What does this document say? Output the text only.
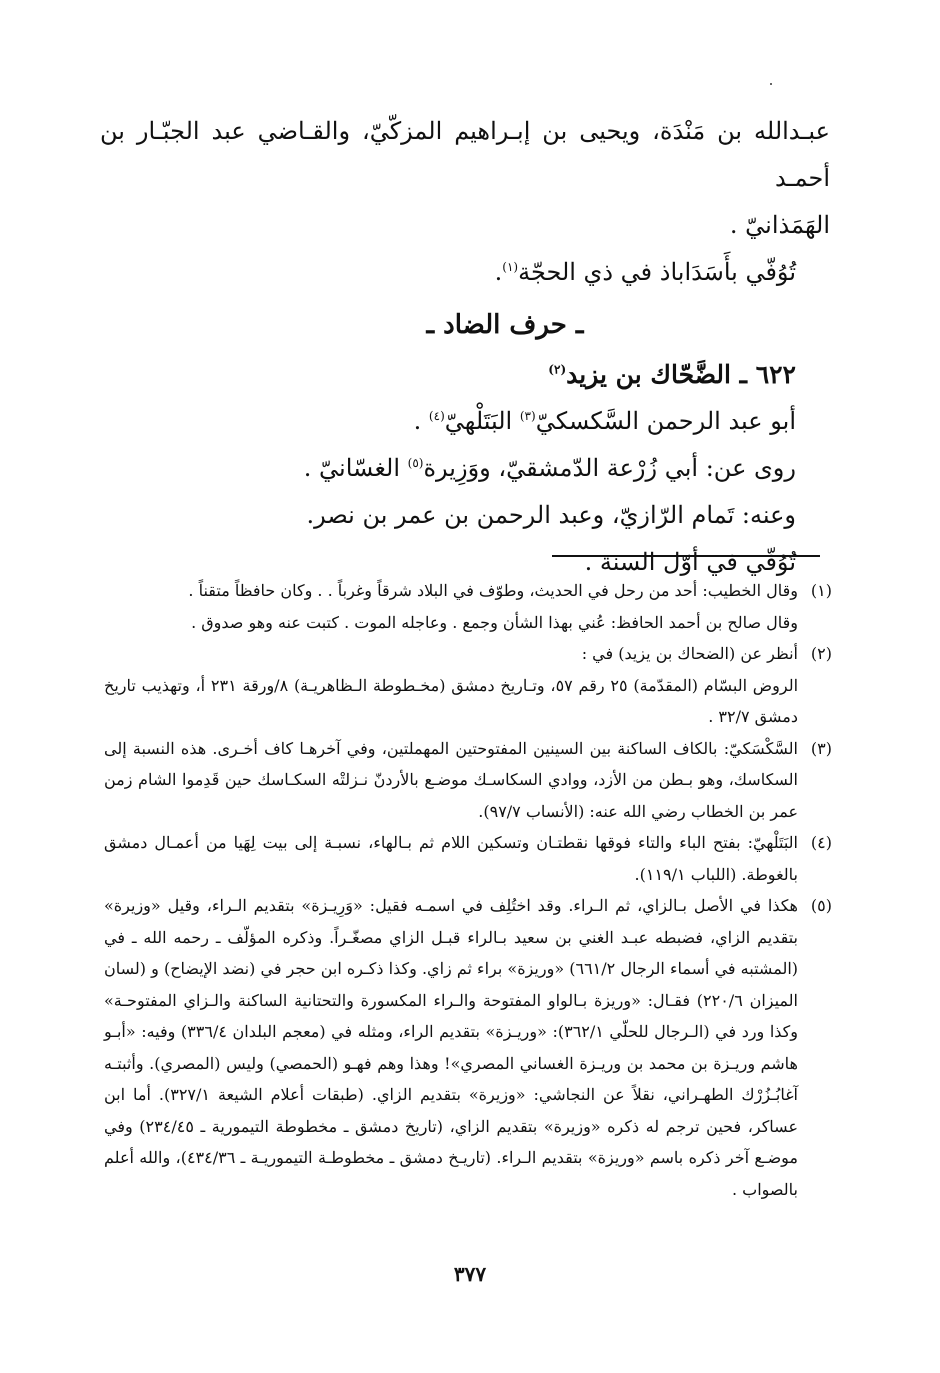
عبـدالله بن مَنْدَة، ويحيى بن إبـراهيم المزكّيّ، والقـاضي عبد الجبّـار بن أحمـد

الهَمَذانيّ .

تُوُفّي بأَسَدَاباذ في ذي الحجّة$^{(١)}$.

ـ حرف الضاد ـ

٦٢٢ ـ الضَّحّاك بن يزيد$^{(٢)}$

أبو عبد الرحمن السَّكسكيّ$^{(٣)}$ البَتَلْهيّ$^{(٤)}$ .

روى عن: أبي زُرْعة الدّمشقيّ، ووَزِيرة$^{(٥)}$ الغسّانيّ .

وعنه: تَمام الرّازيّ، وعبد الرحمن بن عمر بن نصر.

تُوُفّي في أوّل السنة .

(١)

وقال الخطيب: أحد من رحل في الحديث، وطوّف في البلاد شرقاً وغرباً . . وكان حافظاً متقناً .

وقال صالح بن أحمد الحافظ: عُني بهذا الشأن وجمع . وعاجله الموت . كتبت عنه وهو صدوق .

(٢)

أنظر عن (الضحاك بن يزيد) في :

الروض البسّام (المقدّمة) ٢٥ رقم ٥٧، وتـاريخ دمشق (مخـطوطة الـظاهريـة) ٨/ورقة ٢٣١ أ، وتهذيب تاريخ دمشق ٣٢/٧ .

(٣)

السَّكْسَكيّ: بالكاف الساكنة بين السينين المفتوحتين المهملتين، وفي آخرهـا كاف أخـرى. هذه النسبة إلى السكاسك، وهو بـطن من الأزد، ووادي السكاسـك موضـع بالأردنّ نـزلتْه السكـاسك حين قَدِموا الشام زمن عمر بن الخطاب رضي الله عنه: (الأنساب ٩٧/٧).

(٤)

البَتَلْهيّ: بفتح الباء والتاء فوقها نقطتـان وتسكين اللام ثم بـالهاء، نسبـة إلى بيت لِهَيا من أعمـال دمشق بالغوطة. (اللباب ١١٩/١).

(٥)

هكذا في الأصل بـالزاي، ثم الـراء. وقد اختُلِف في اسمـه فقيل: «وَرِيـزة» بتقديم الـراء، وقيل «وزيرة» بتقديم الزاي، فضبطه عبـد الغني بن سعيد بـالراء قبـل الزاي مصغّـراً. وذكره المؤلّف ـ رحمه الله ـ في (المشتبه في أسماء الرجال ٦٦١/٢) «وريزة» براء ثم زاي. وكذا ذكـره ابن حجر في (نضد الإيضاح) و (لسان الميزان ٢٢٠/٦) فقـال: «وريزة بـالواو المفتوحة والـراء المكسورة والتحتانية الساكنة والـزاي المفتوحـة» وكذا ورد في (الـرجال للحلّي ٣٦٢/١): «وريـزة» بتقديم الراء، ومثله في (معجم البلدان ٣٣٦/٤) وفيه: «أبـو هاشم وريـزة بن محمد بن وريـزة الغساني المصري»! وهذا وهم فهـو (الحمصي) وليس (المصري). وأثبتـه آغابُـزُرْك الطهـراني، نقلاً عن النجاشي: «وزيرة» بتقديم الزاي. (طبقات أعلام الشيعة ٣٢٧/١). أما ابن عساكر، فحين ترجم له ذكره «وزيرة» بتقديم الزاي، (تاريخ دمشق ـ مخطوطة التيمورية ـ ٢٣٤/٤٥) وفي موضـع آخر ذكره باسم «وريزة» بتقديم الـراء. (تاريـخ دمشق ـ مخطوطـة التيموريـة ـ ٤٣٤/٣٦)، والله أعلم بالصواب .

٣٧٧
